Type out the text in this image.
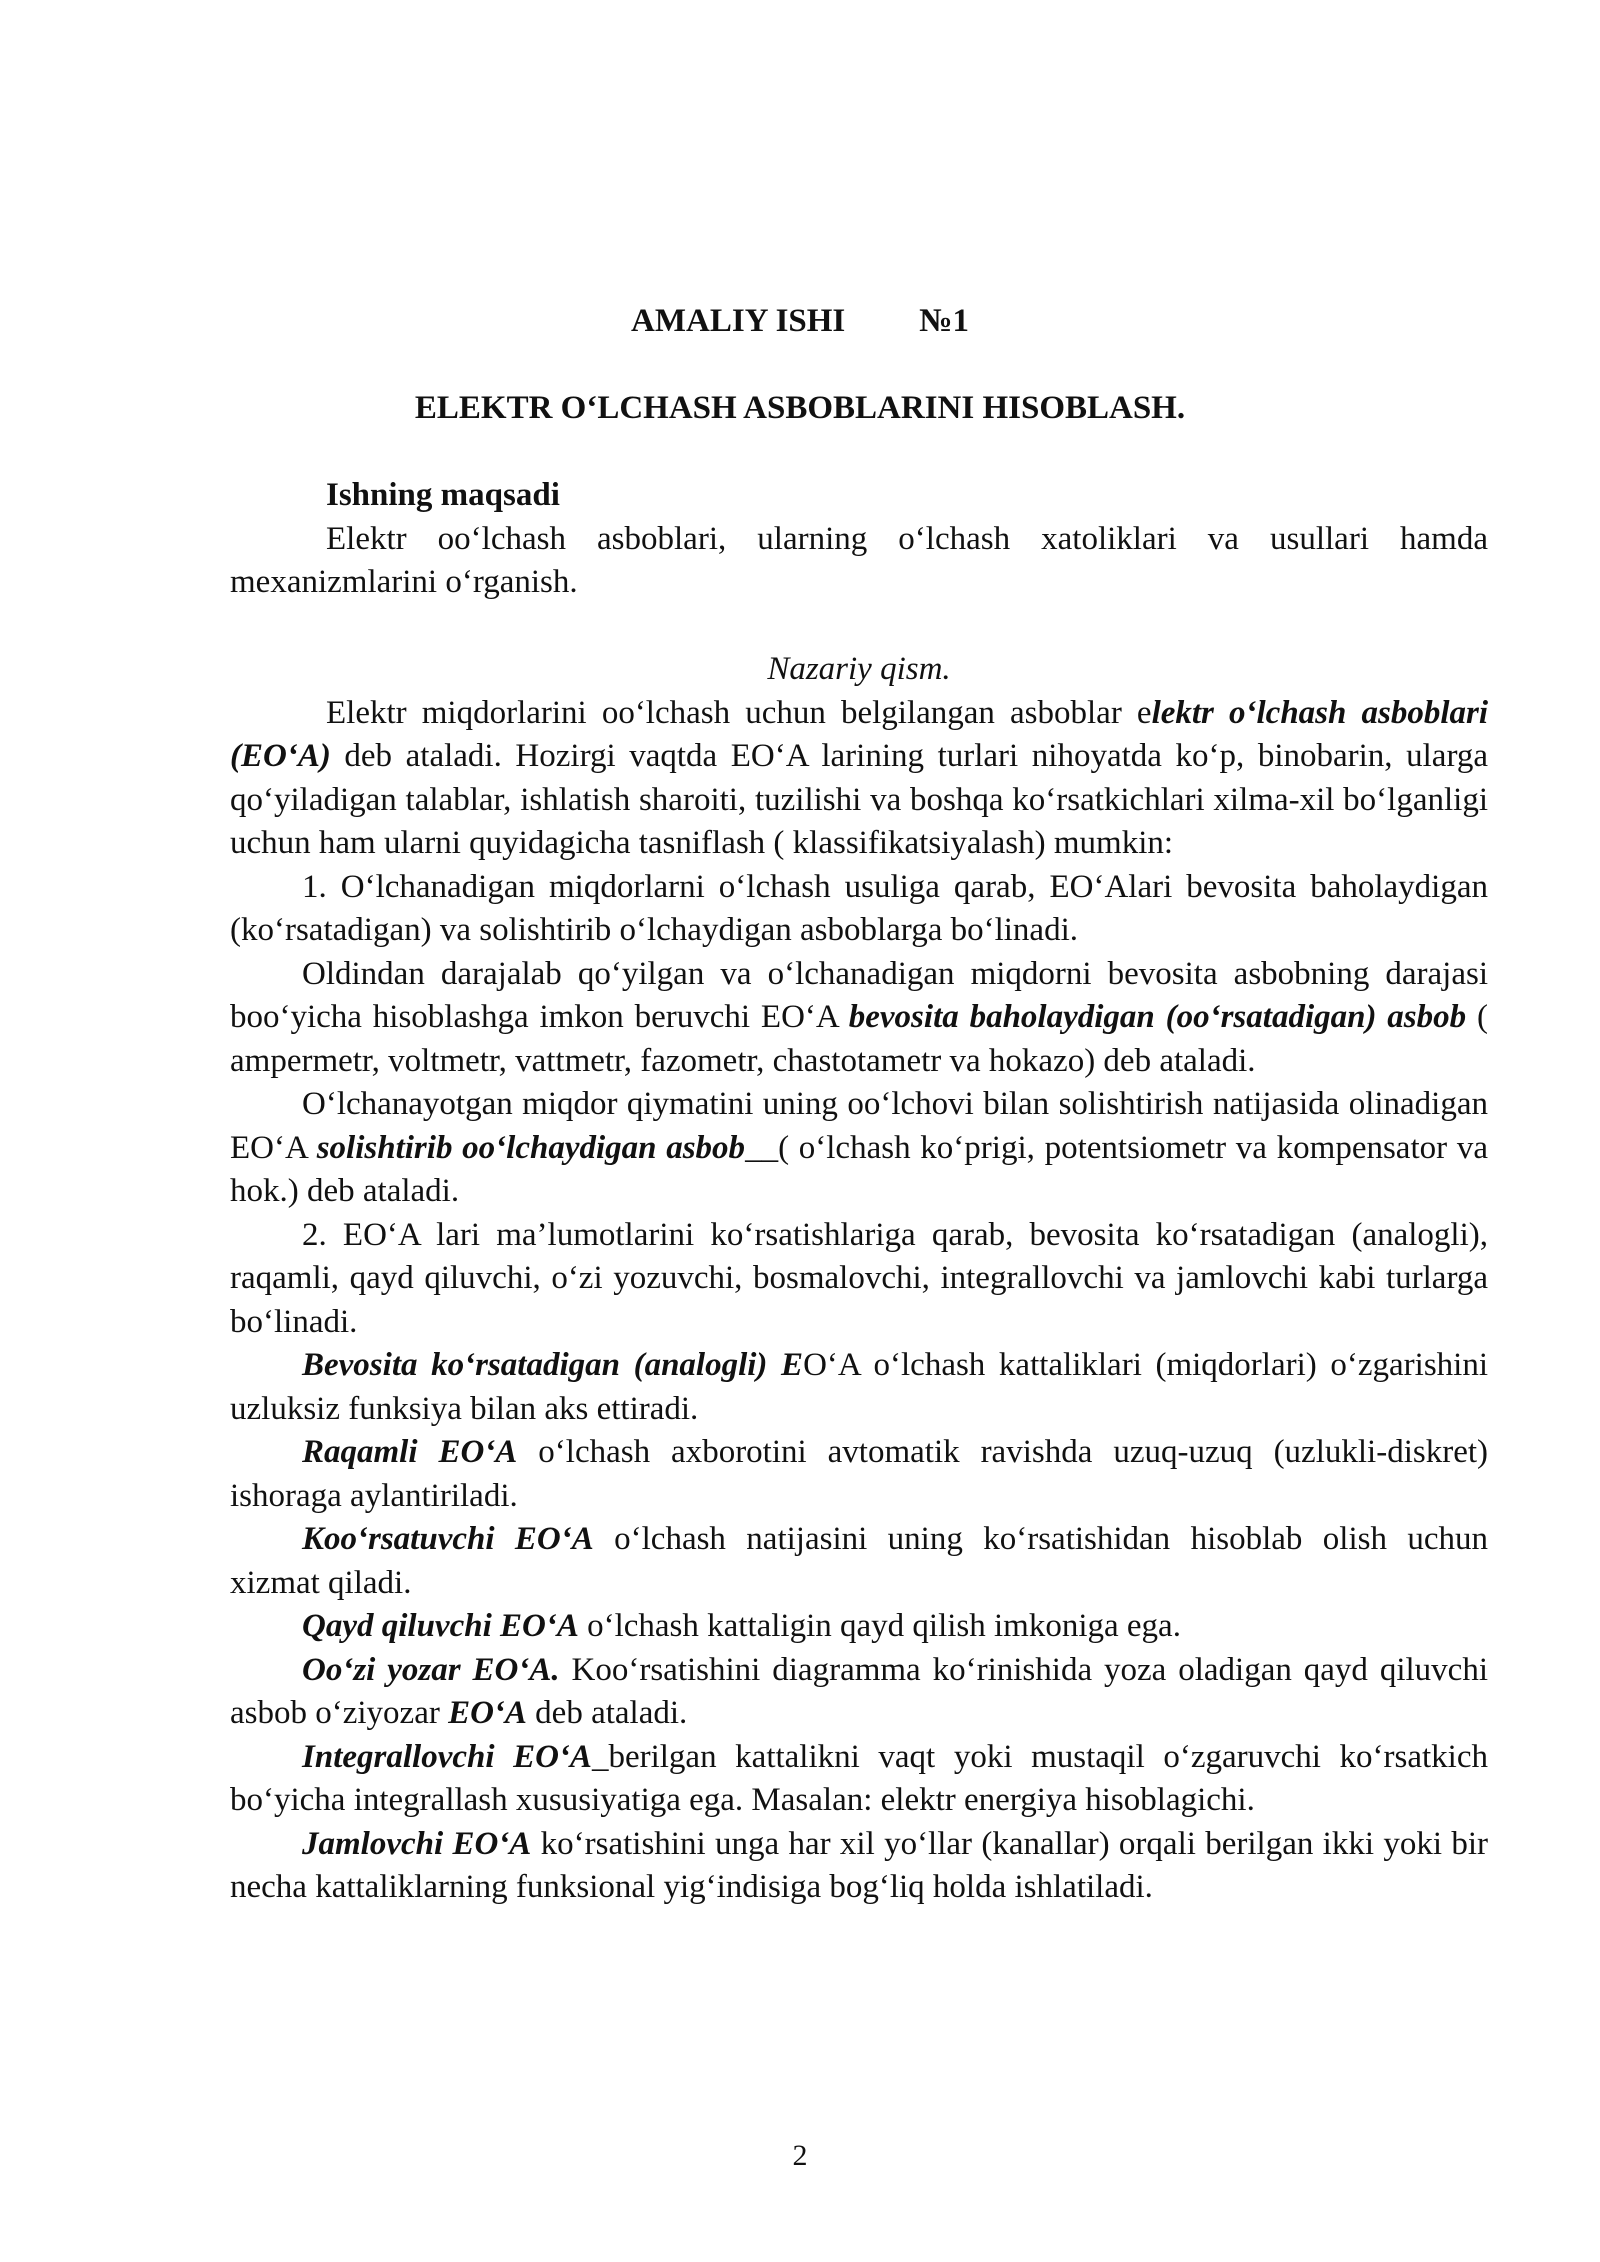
AMALIY ISHI №1
ELEKTR O‘LCHASH ASBOBLARINI HISOBLASH.

Ishning maqsadi

Elektr oo‘lchash asboblari, ularning o‘lchash xatoliklari va usullari hamda mexanizmlarini o‘rganish.

Nazariy qism.

Elektr miqdorlarini oo‘lchash uchun belgilangan asboblar elektr o‘lchash asboblari (EO‘A) deb ataladi. Hozirgi vaqtda EO‘A larining turlari nihoyatda ko‘p, binobarin, ularga qo‘yiladigan talablar, ishlatish sharoiti, tuzilishi va boshqa ko‘rsatkichlari xilma-xil bo‘lganligi uchun ham ularni quyidagicha tasniflash ( klassifikatsiyalash) mumkin:

1. O‘lchanadigan miqdorlarni o‘lchash usuliga qarab, EO‘Alari bevosita baholaydigan (ko‘rsatadigan) va solishtirib o‘lchaydigan asboblarga bo‘linadi.

Oldindan darajalab qo‘yilgan va o‘lchanadigan miqdorni bevosita asbobning darajasi boo‘yicha hisoblashga imkon beruvchi EO‘A bevosita baholaydigan (oo‘rsatadigan) asbob ( ampermetr, voltmetr, vattmetr, fazometr, chastotametr va hokazo) deb ataladi.

O‘lchanayotgan miqdor qiymatini uning oo‘lchovi bilan solishtirish natijasida olinadigan EO‘A solishtirib oo‘lchaydigan asbob__( o‘lchash ko‘prigi, potentsiometr va kompensator va hok.) deb ataladi.

2. EO‘A lari ma’lumotlarini ko‘rsatishlariga qarab, bevosita ko‘rsatadigan (analogli), raqamli, qayd qiluvchi, o‘zi yozuvchi, bosmalovchi, integrallovchi va jamlovchi kabi turlarga bo‘linadi.

Bevosita ko‘rsatadigan (analogli) EO‘A o‘lchash kattaliklari (miqdorlari) o‘zgarishini uzluksiz funksiya bilan aks ettiradi.

Raqamli EO‘A o‘lchash axborotini avtomatik ravishda uzuq-uzuq (uzlukli-diskret) ishoraga aylantiriladi.

Koo‘rsatuvchi EO‘A o‘lchash natijasini uning ko‘rsatishidan hisoblab olish uchun xizmat qiladi.

Qayd qiluvchi EO‘A o‘lchash kattaligin qayd qilish imkoniga ega.

Oo‘zi yozar EO‘A. Koo‘rsatishini diagramma ko‘rinishida yoza oladigan qayd qiluvchi asbob o‘ziyozar EO‘A deb ataladi.

Integrallovchi EO‘A_berilgan kattalikni vaqt yoki mustaqil o‘zgaruvchi ko‘rsatkich bo‘yicha integrallash xususiyatiga ega. Masalan: elektr energiya hisoblagichi.

Jamlovchi EO‘A ko‘rsatishini unga har xil yo‘llar (kanallar) orqali berilgan ikki yoki bir necha kattaliklarning funksional yig‘indisiga bog‘liq holda ishlatiladi.

2
